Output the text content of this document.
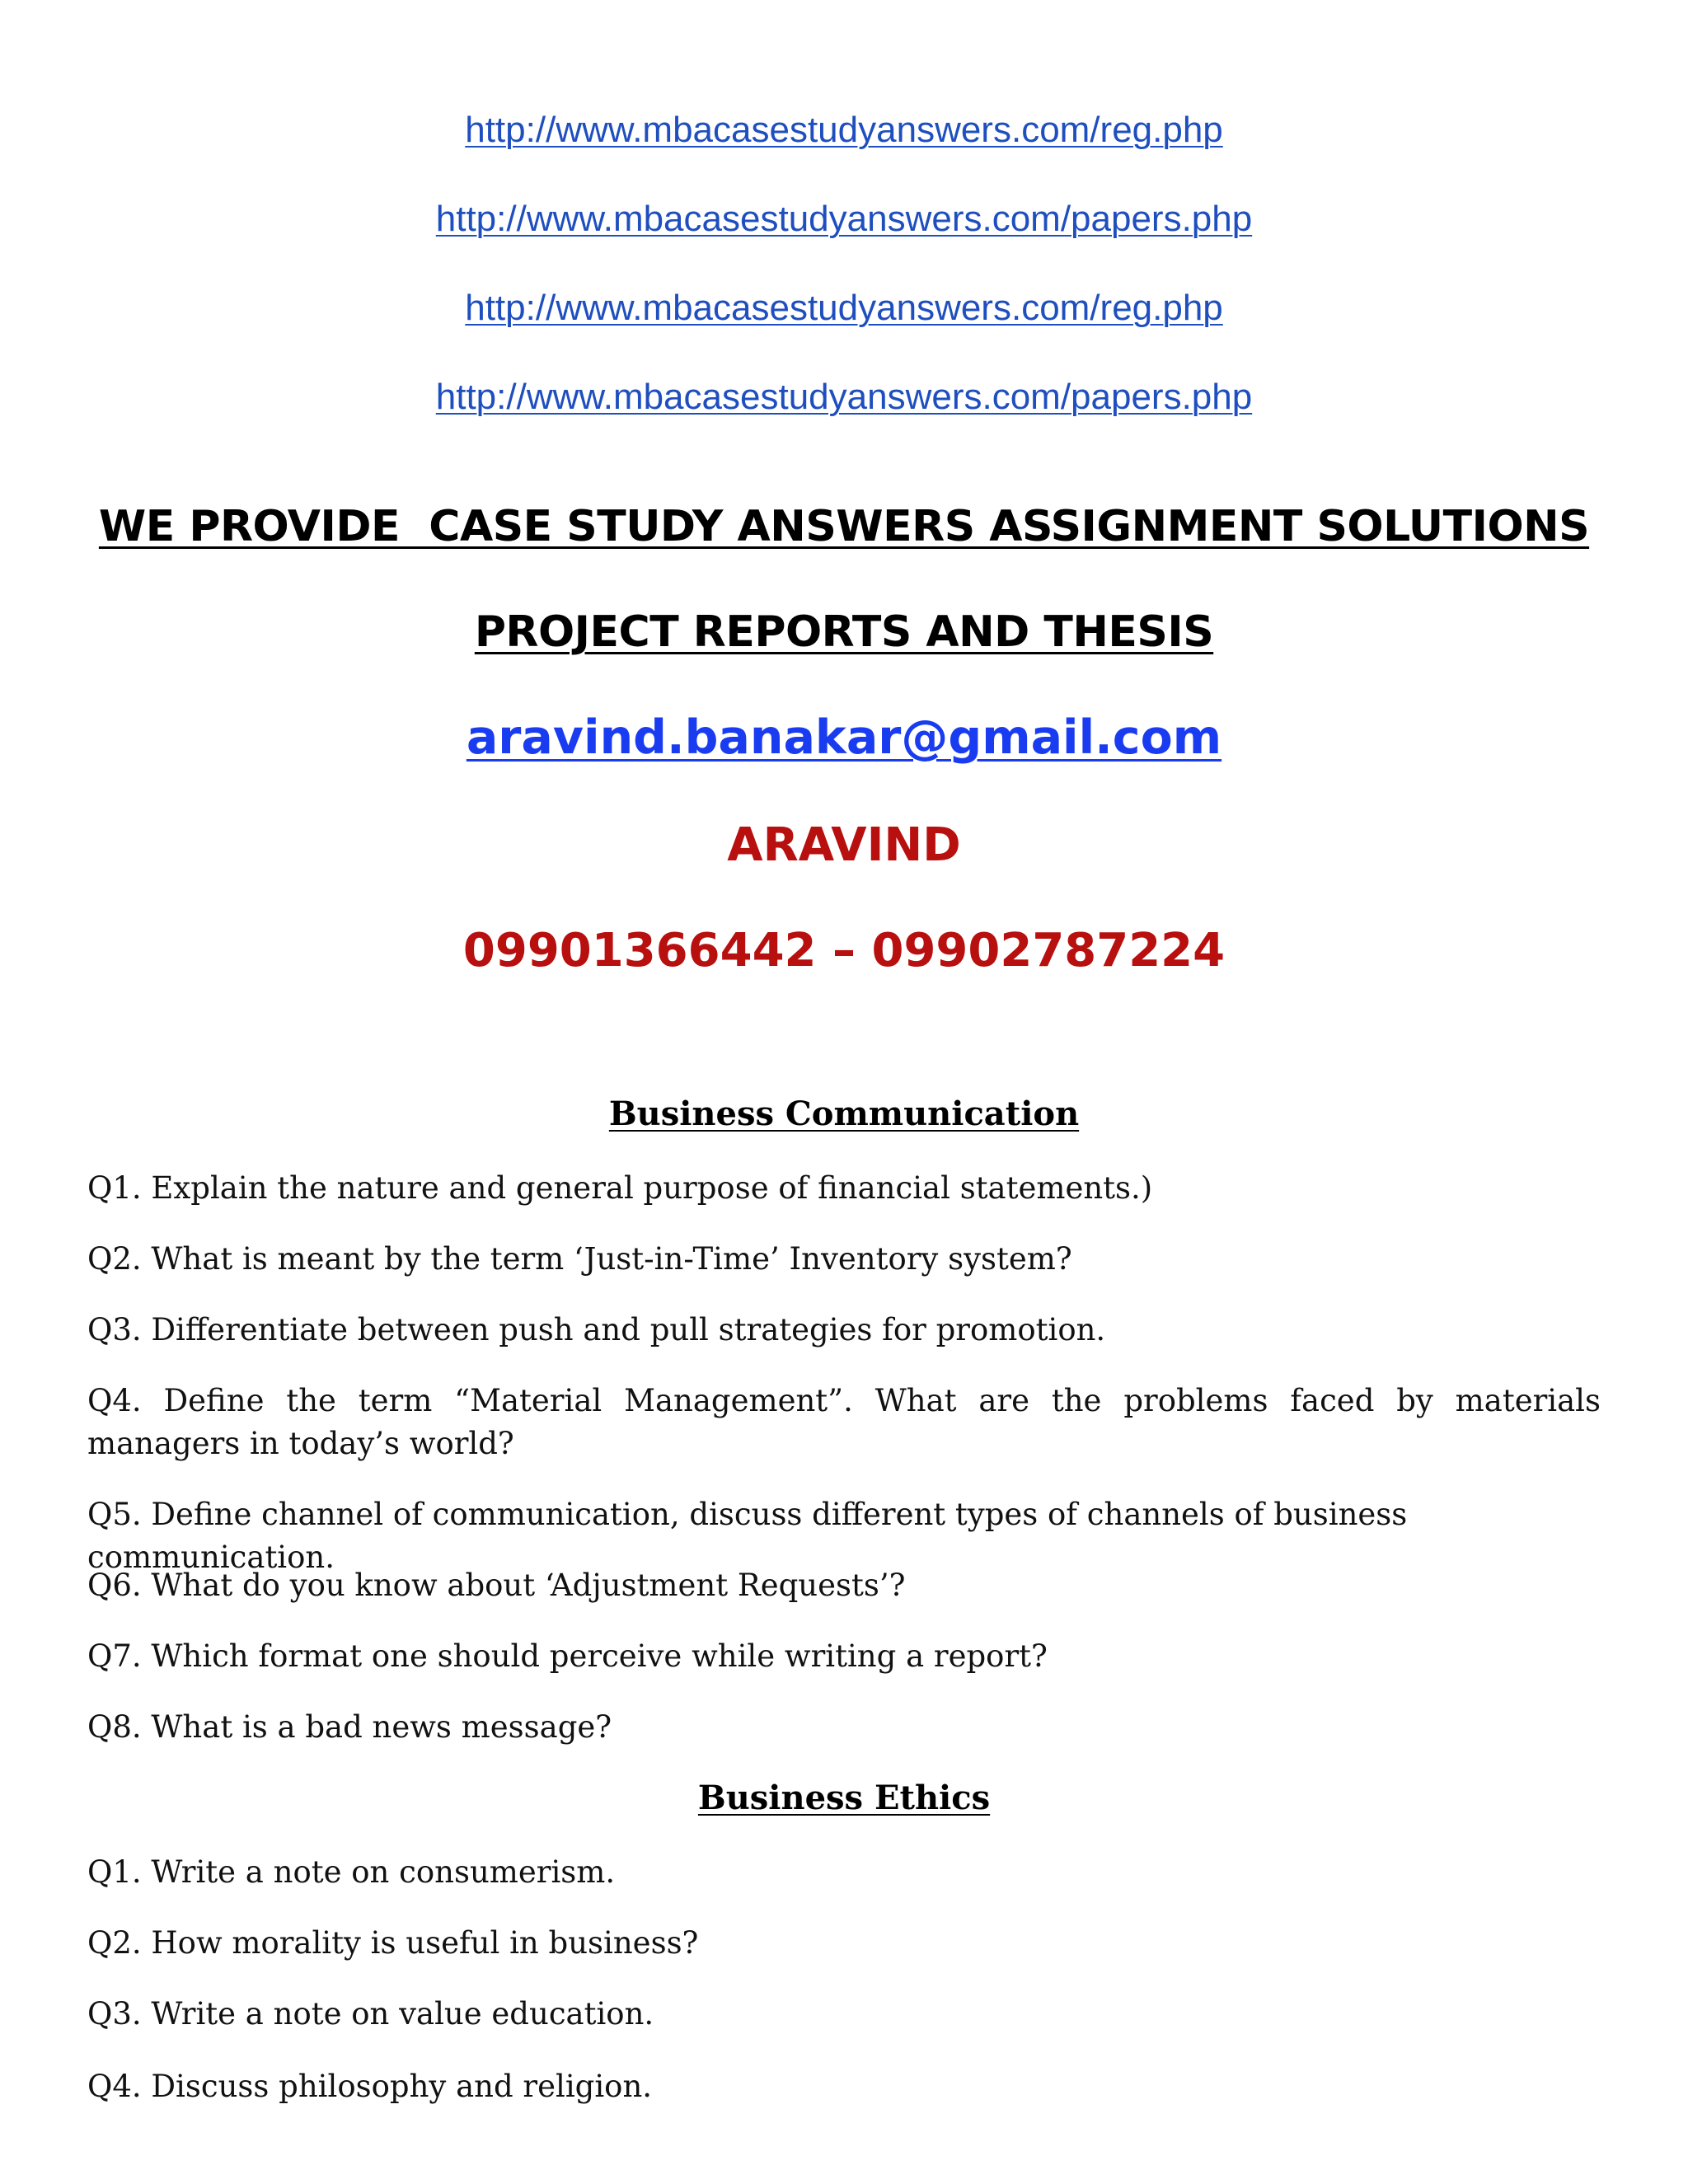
http://www.mbacasestudyanswers.com/reg.php
http://www.mbacasestudyanswers.com/papers.php
http://www.mbacasestudyanswers.com/reg.php
http://www.mbacasestudyanswers.com/papers.php
WE PROVIDE  CASE STUDY ANSWERS ASSIGNMENT SOLUTIONS
PROJECT REPORTS AND THESIS
aravind.banakar@gmail.com
ARAVIND
09901366442 – 09902787224
Business Communication
Q1. Explain the nature and general purpose of financial statements.)
Q2. What is meant by the term ‘Just-in-Time’ Inventory system?
Q3. Differentiate between push and pull strategies for promotion.
Q4. Define the term “Material Management”. What are the problems faced by materials managers in today’s world?
Q5. Define channel of communication, discuss different types of channels of business communication.
Q6. What do you know about ‘Adjustment Requests’?
Q7. Which format one should perceive while writing a report?
Q8. What is a bad news message?
Business Ethics
Q1. Write a note on consumerism.
Q2. How morality is useful in business?
Q3. Write a note on value education.
Q4. Discuss philosophy and religion.
